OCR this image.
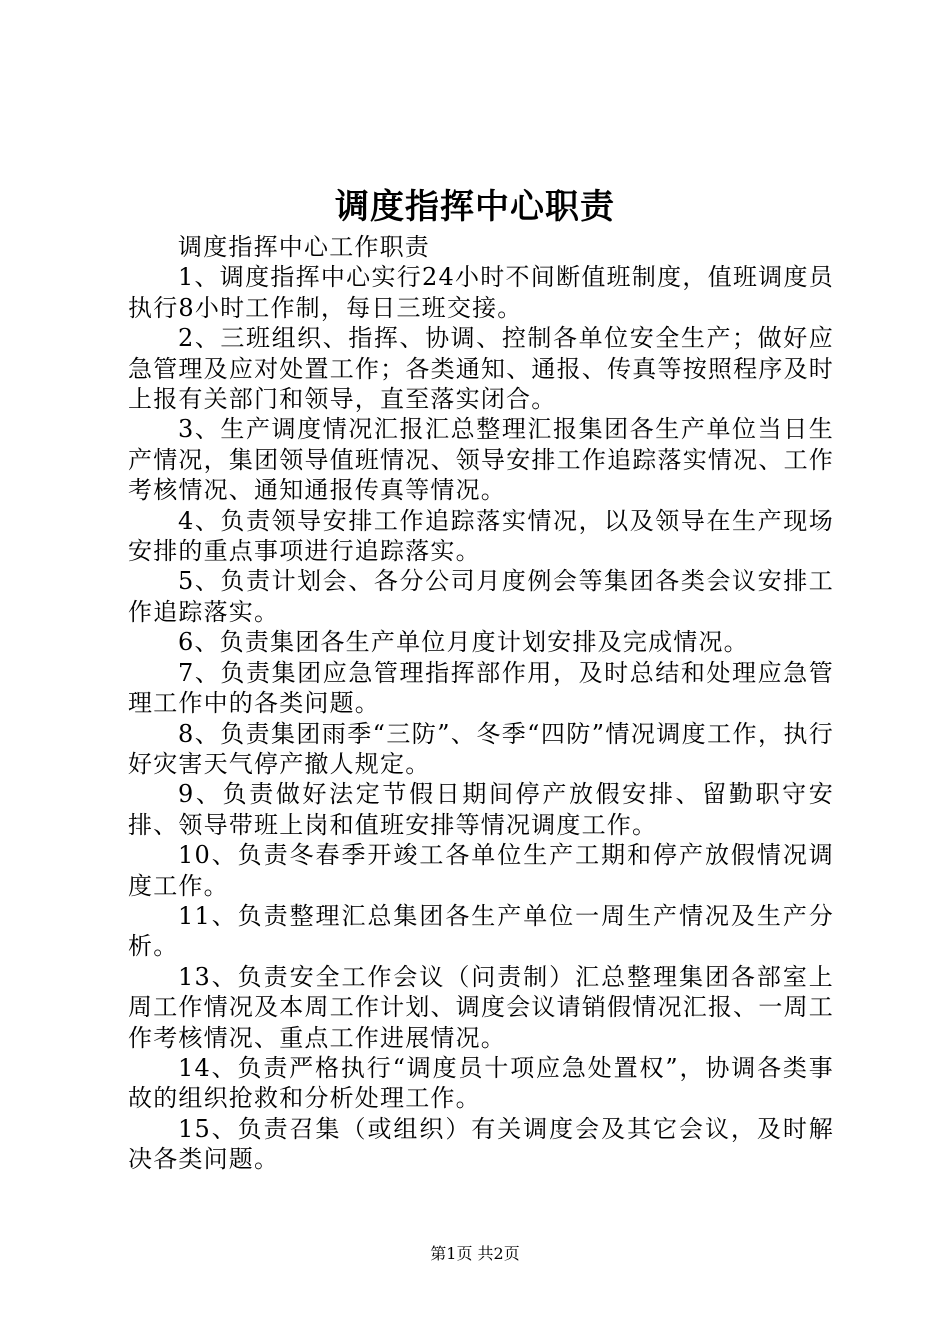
调度指挥中心职责

调度指挥中心工作职责

1、调度指挥中心实行24小时不间断值班制度，值班调度员执行8小时工作制，每日三班交接。

2、三班组织、指挥、协调、控制各单位安全生产；做好应急管理及应对处置工作；各类通知、通报、传真等按照程序及时上报有关部门和领导，直至落实闭合。

3、生产调度情况汇报汇总整理汇报集团各生产单位当日生产情况，集团领导值班情况、领导安排工作追踪落实情况、工作考核情况、通知通报传真等情况。

4、负责领导安排工作追踪落实情况，以及领导在生产现场安排的重点事项进行追踪落实。

5、负责计划会、各分公司月度例会等集团各类会议安排工作追踪落实。

6、负责集团各生产单位月度计划安排及完成情况。

7、负责集团应急管理指挥部作用，及时总结和处理应急管理工作中的各类问题。

8、负责集团雨季“三防”、冬季“四防”情况调度工作，执行好灾害天气停产撤人规定。

9、负责做好法定节假日期间停产放假安排、留勤职守安排、领导带班上岗和值班安排等情况调度工作。

10、负责冬春季开竣工各单位生产工期和停产放假情况调度工作。

11、负责整理汇总集团各生产单位一周生产情况及生产分析。

13、负责安全工作会议（问责制）汇总整理集团各部室上周工作情况及本周工作计划、调度会议请销假情况汇报、一周工作考核情况、重点工作进展情况。

14、负责严格执行“调度员十项应急处置权”，协调各类事故的组织抢救和分析处理工作。

15、负责召集（或组织）有关调度会及其它会议，及时解决各类问题。

第1页 共2页
